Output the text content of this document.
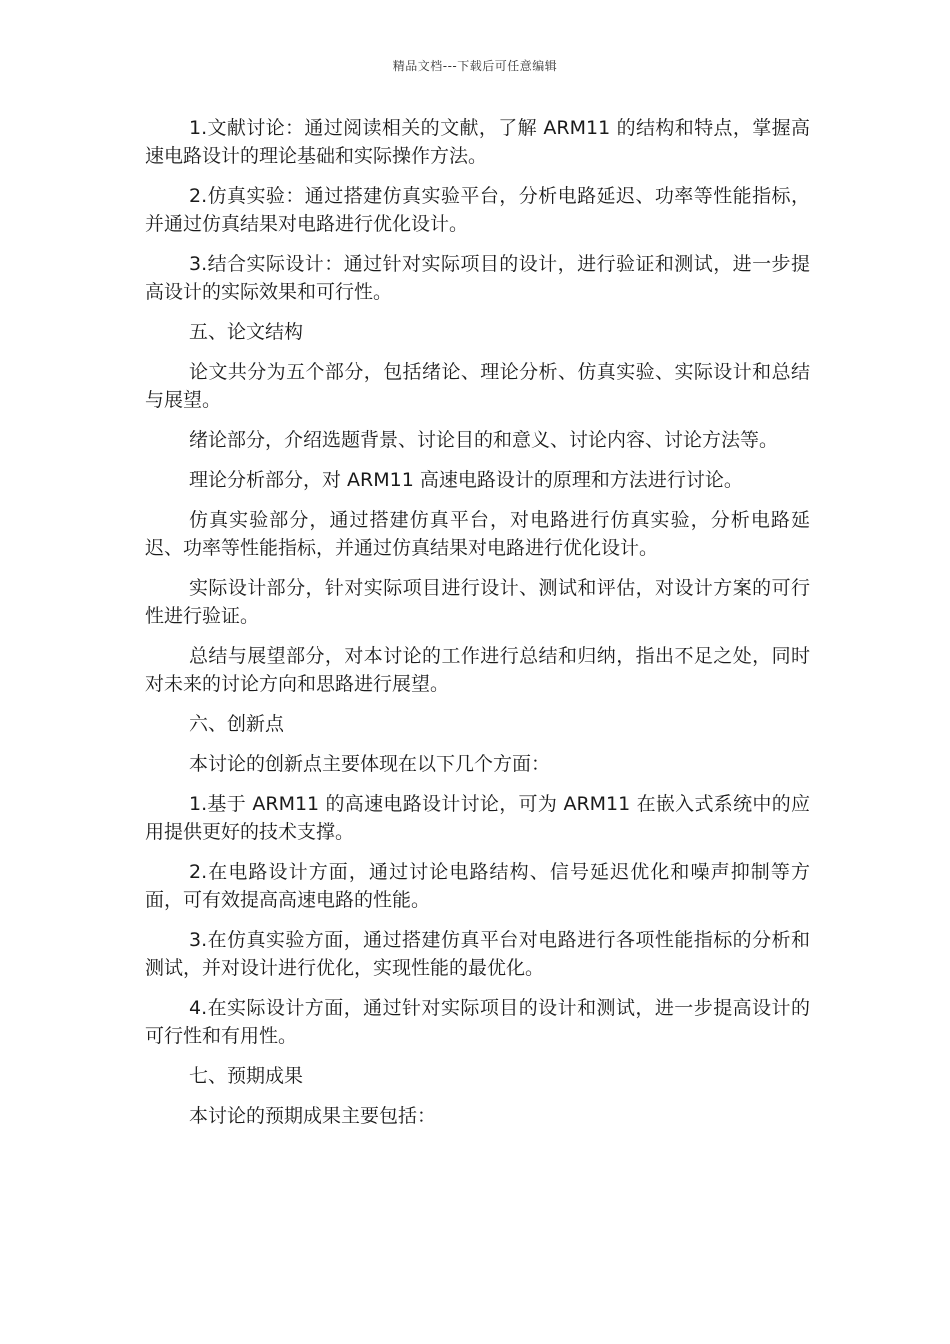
精品文档---下载后可任意编辑

1.文献讨论：通过阅读相关的文献，了解 ARM11 的结构和特点，掌握高速电路设计的理论基础和实际操作方法。

2.仿真实验：通过搭建仿真实验平台，分析电路延迟、功率等性能指标，并通过仿真结果对电路进行优化设计。

3.结合实际设计：通过针对实际项目的设计，进行验证和测试，进一步提高设计的实际效果和可行性。

五、论文结构

论文共分为五个部分，包括绪论、理论分析、仿真实验、实际设计和总结与展望。

绪论部分，介绍选题背景、讨论目的和意义、讨论内容、讨论方法等。

理论分析部分，对 ARM11 高速电路设计的原理和方法进行讨论。

仿真实验部分，通过搭建仿真平台，对电路进行仿真实验，分析电路延迟、功率等性能指标，并通过仿真结果对电路进行优化设计。

实际设计部分，针对实际项目进行设计、测试和评估，对设计方案的可行性进行验证。

总结与展望部分，对本讨论的工作进行总结和归纳，指出不足之处，同时对未来的讨论方向和思路进行展望。

六、创新点

本讨论的创新点主要体现在以下几个方面：

1.基于 ARM11 的高速电路设计讨论，可为 ARM11 在嵌入式系统中的应用提供更好的技术支撑。

2.在电路设计方面，通过讨论电路结构、信号延迟优化和噪声抑制等方面，可有效提高高速电路的性能。

3.在仿真实验方面，通过搭建仿真平台对电路进行各项性能指标的分析和测试，并对设计进行优化，实现性能的最优化。

4.在实际设计方面，通过针对实际项目的设计和测试，进一步提高设计的可行性和有用性。

七、预期成果

本讨论的预期成果主要包括：
